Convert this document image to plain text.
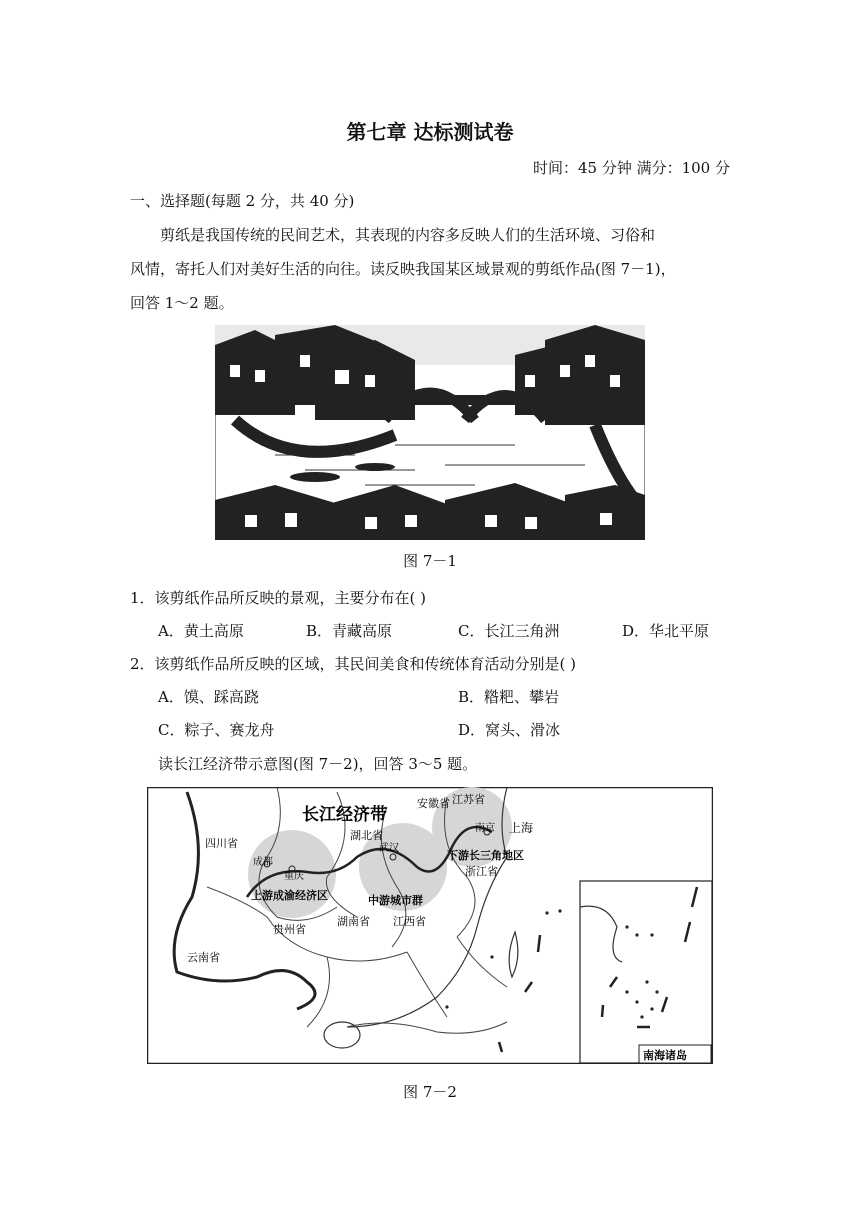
第七章 达标测试卷
时间：45 分钟 满分：100 分
一、选择题(每题 2 分，共 40 分)
剪纸是我国传统的民间艺术，其表现的内容多反映人们的生活环境、习俗和
风情，寄托人们对美好生活的向往。读反映我国某区域景观的剪纸作品(图 7－1)，
回答 1～2 题。
图 7－1
1．该剪纸作品所反映的景观，主要分布在( )
A．黄土高原	B．青藏高原	C．长江三角洲	D．华北平原
2．该剪纸作品所反映的区域，其民间美食和传统体育活动分别是( )
A．馍、踩高跷	B．糌粑、攀岩
C．粽子、赛龙舟	D．窝头、滑冰
读长江经济带示意图(图 7－2)，回答 3～5 题。
长江经济带
安徽省 江苏省
上海
四川省
湖北省
成都
武汉
南京
重庆
下游长三角地区
浙江省
上游成渝经济区	中游城市群
湖南省 江西省
贵州省
云南省
南海诸岛
图 7－2
